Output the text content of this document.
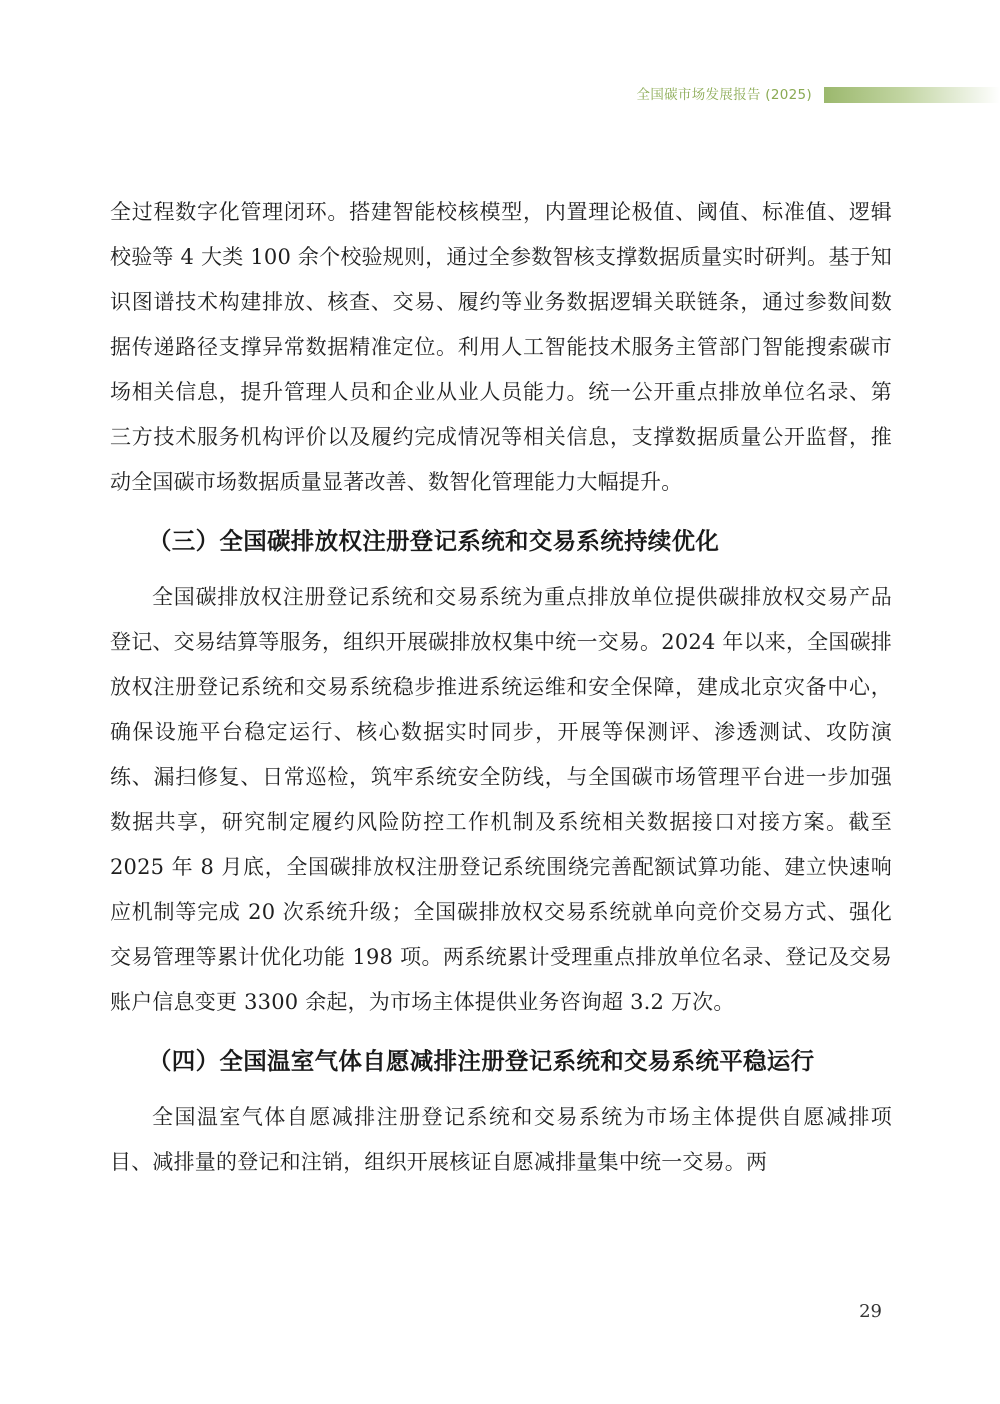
全国碳市场发展报告 (2025)

全过程数字化管理闭环。搭建智能校核模型，内置理论极值、阈值、标准值、逻辑校验等 4 大类 100 余个校验规则，通过全参数智核支撑数据质量实时研判。基于知识图谱技术构建排放、核查、交易、履约等业务数据逻辑关联链条，通过参数间数据传递路径支撑异常数据精准定位。利用人工智能技术服务主管部门智能搜索碳市场相关信息，提升管理人员和企业从业人员能力。统一公开重点排放单位名录、第三方技术服务机构评价以及履约完成情况等相关信息，支撑数据质量公开监督，推动全国碳市场数据质量显著改善、数智化管理能力大幅提升。

（三）全国碳排放权注册登记系统和交易系统持续优化

全国碳排放权注册登记系统和交易系统为重点排放单位提供碳排放权交易产品登记、交易结算等服务，组织开展碳排放权集中统一交易。2024 年以来，全国碳排放权注册登记系统和交易系统稳步推进系统运维和安全保障，建成北京灾备中心，确保设施平台稳定运行、核心数据实时同步，开展等保测评、渗透测试、攻防演练、漏扫修复、日常巡检，筑牢系统安全防线，与全国碳市场管理平台进一步加强数据共享，研究制定履约风险防控工作机制及系统相关数据接口对接方案。截至 2025 年 8 月底，全国碳排放权注册登记系统围绕完善配额试算功能、建立快速响应机制等完成 20 次系统升级；全国碳排放权交易系统就单向竞价交易方式、强化交易管理等累计优化功能 198 项。两系统累计受理重点排放单位名录、登记及交易账户信息变更 3300 余起，为市场主体提供业务咨询超 3.2 万次。

（四）全国温室气体自愿减排注册登记系统和交易系统平稳运行

全国温室气体自愿减排注册登记系统和交易系统为市场主体提供自愿减排项目、减排量的登记和注销，组织开展核证自愿减排量集中统一交易。两

29
